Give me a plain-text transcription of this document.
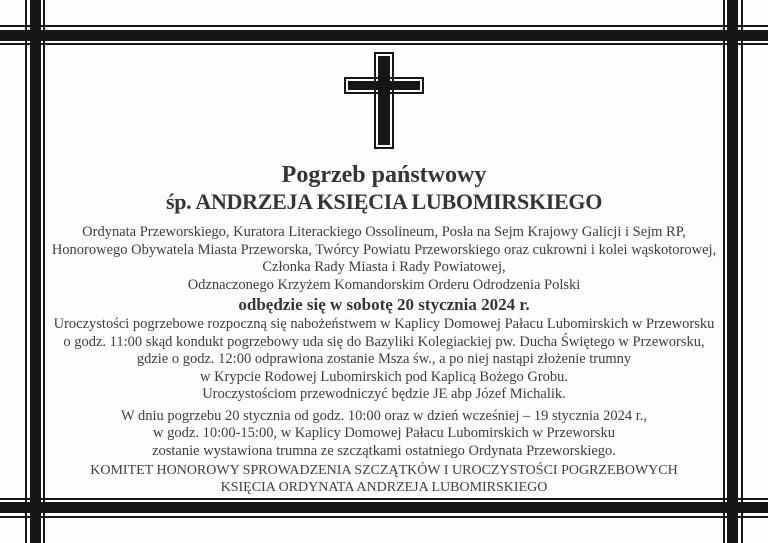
Pogrzeb państwowy
śp. ANDRZEJA KSIĘCIA LUBOMIRSKIEGO
Ordynata Przeworskiego, Kuratora Literackiego Ossolineum, Posła na Sejm Krajowy Galicji i Sejm RP,
Honorowego Obywatela Miasta Przeworska, Twórcy Powiatu Przeworskiego oraz cukrowni i kolei wąskotorowej,
Członka Rady Miasta i Rady Powiatowej,
Odznaczonego Krzyżem Komandorskim Orderu Odrodzenia Polski
odbędzie się w sobotę 20 stycznia 2024 r.
Uroczystości pogrzebowe rozpoczną się nabożeństwem w Kaplicy Domowej Pałacu Lubomirskich w Przeworsku
o godz. 11:00 skąd kondukt pogrzebowy uda się do Bazyliki Kolegiackiej pw. Ducha Świętego w Przeworsku,
gdzie o godz. 12:00 odprawiona zostanie Msza św., a po niej nastąpi złożenie trumny
w Krypcie Rodowej Lubomirskich pod Kaplicą Bożego Grobu.
Uroczystościom przewodniczyć będzie JE abp Józef Michalik.
W dniu pogrzebu 20 stycznia od godz. 10:00 oraz w dzień wcześniej – 19 stycznia 2024 r.,
w godz. 10:00-15:00, w Kaplicy Domowej Pałacu Lubomirskich w Przeworsku
zostanie wystawiona trumna ze szczątkami ostatniego Ordynata Przeworskiego.
KOMITET HONOROWY SPROWADZENIA SZCZĄTKÓW I UROCZYSTOŚCI POGRZEBOWYCH
KSIĘCIA ORDYNATA ANDRZEJA LUBOMIRSKIEGO
